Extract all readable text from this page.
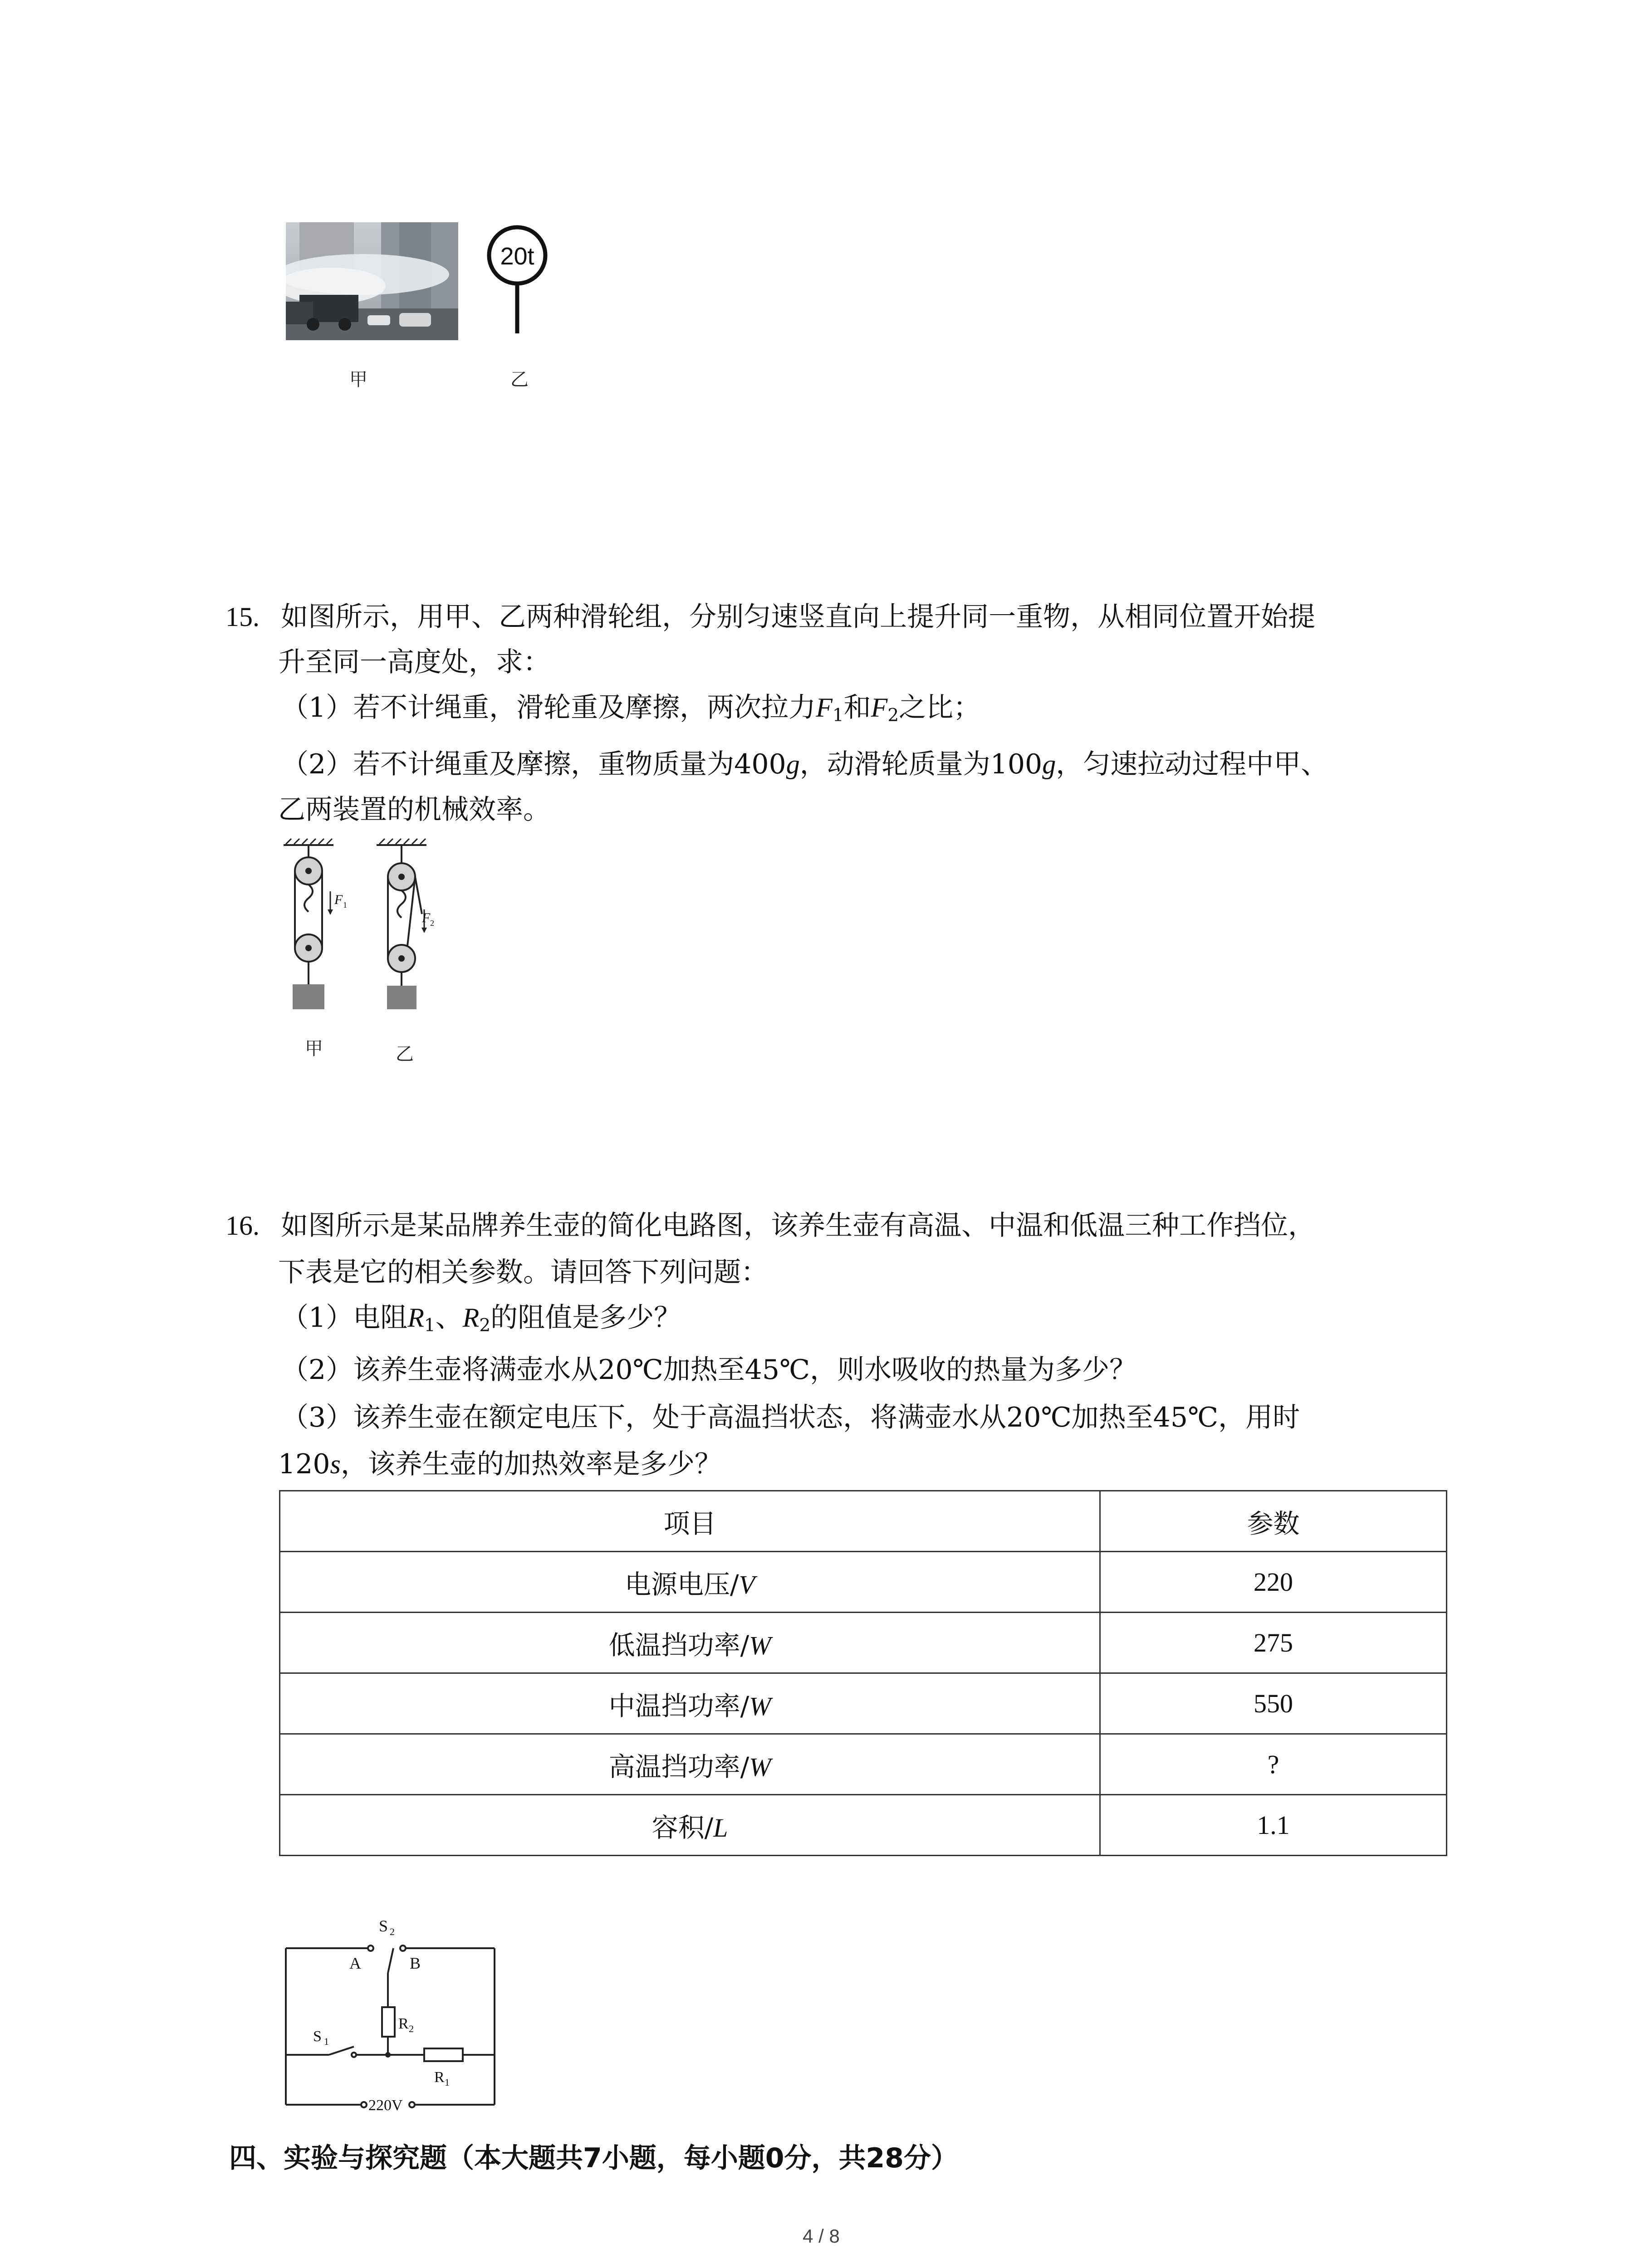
20t
甲	乙
15. 如图所示，用甲、乙两种滑轮组，分别匀速竖直向上提升同一重物，从相同位置开始提
升至同一高度处，求：
（1）若不计绳重，滑轮重及摩擦，两次拉力$F_1$和$F_2$之比；
（2）若不计绳重及摩擦，重物质量为400g，动滑轮质量为100g，匀速拉动过程中甲、
乙两装置的机械效率。
F 1
F 2
甲	乙
16. 如图所示是某品牌养生壶的简化电路图，该养生壶有高温、中温和低温三种工作挡位，
下表是它的相关参数。请回答下列问题：
（1）电阻$R_1$、$R_2$的阻值是多少？
（2）该养生壶将满壶水从20℃加热至45℃，则水吸收的热量为多少？
（3）该养生壶在额定电压下，处于高温挡状态，将满壶水从20℃加热至45℃，用时
120s，该养生壶的加热效率是多少？
项目	参数
电源电压/V	220
低温挡功率/W	275
中温挡功率/W	550
高温挡功率/W	?
容积/L	1.1
S 2
A	B
R 2
S 1
R 1
220V
四、实验与探究题（本大题共7小题，每小题0分，共28分）
4 / 8
